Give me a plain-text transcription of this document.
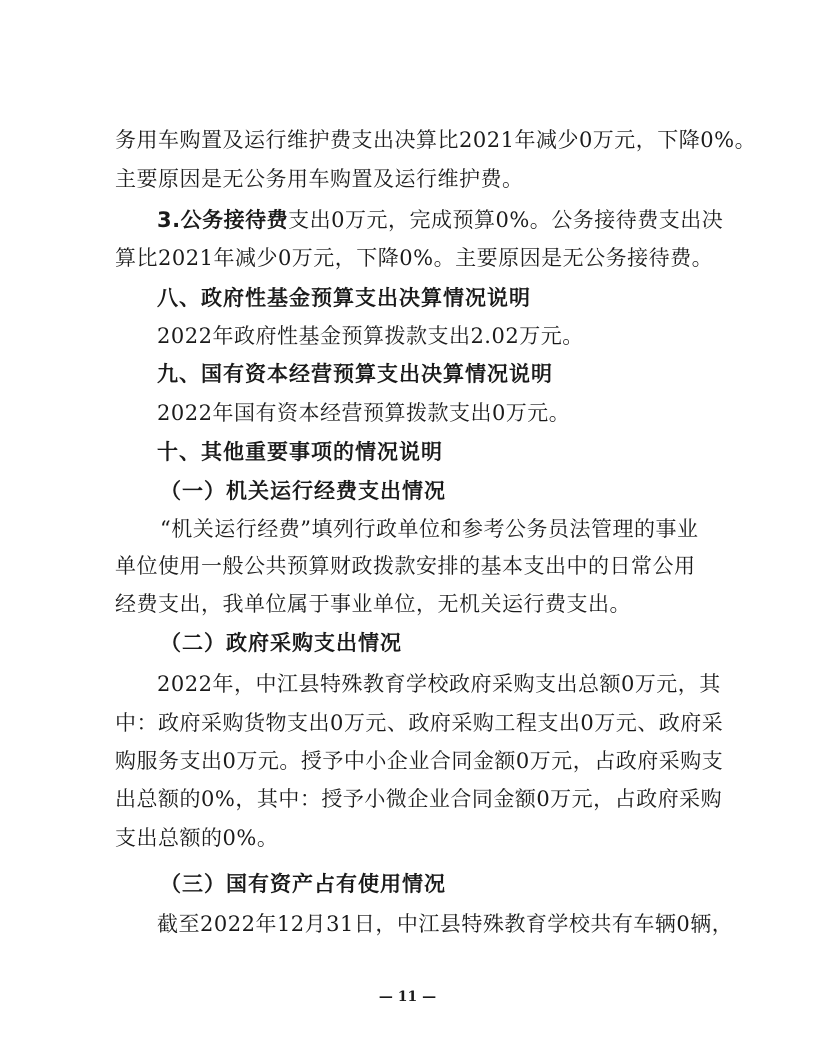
务用车购置及运行维护费支出决算比2021年减少0万元，下降0%。
主要原因是无公务用车购置及运行维护费。
3.公务接待费支出0万元，完成预算0%。公务接待费支出决
算比2021年减少0万元，下降0%。主要原因是无公务接待费。
八、政府性基金预算支出决算情况说明
2022年政府性基金预算拨款支出2.02万元。
九、国有资本经营预算支出决算情况说明
2022年国有资本经营预算拨款支出0万元。
十、其他重要事项的情况说明
（一）机关运行经费支出情况
“机关运行经费”填列行政单位和参考公务员法管理的事业
单位使用一般公共预算财政拨款安排的基本支出中的日常公用
经费支出，我单位属于事业单位，无机关运行费支出。
（二）政府采购支出情况
2022年，中江县特殊教育学校政府采购支出总额0万元，其
中：政府采购货物支出0万元、政府采购工程支出0万元、政府采
购服务支出0万元。授予中小企业合同金额0万元，占政府采购支
出总额的0%，其中：授予小微企业合同金额0万元，占政府采购
支出总额的0%。
（三）国有资产占有使用情况
截至2022年12月31日，中江县特殊教育学校共有车辆0辆，
— 11 —
